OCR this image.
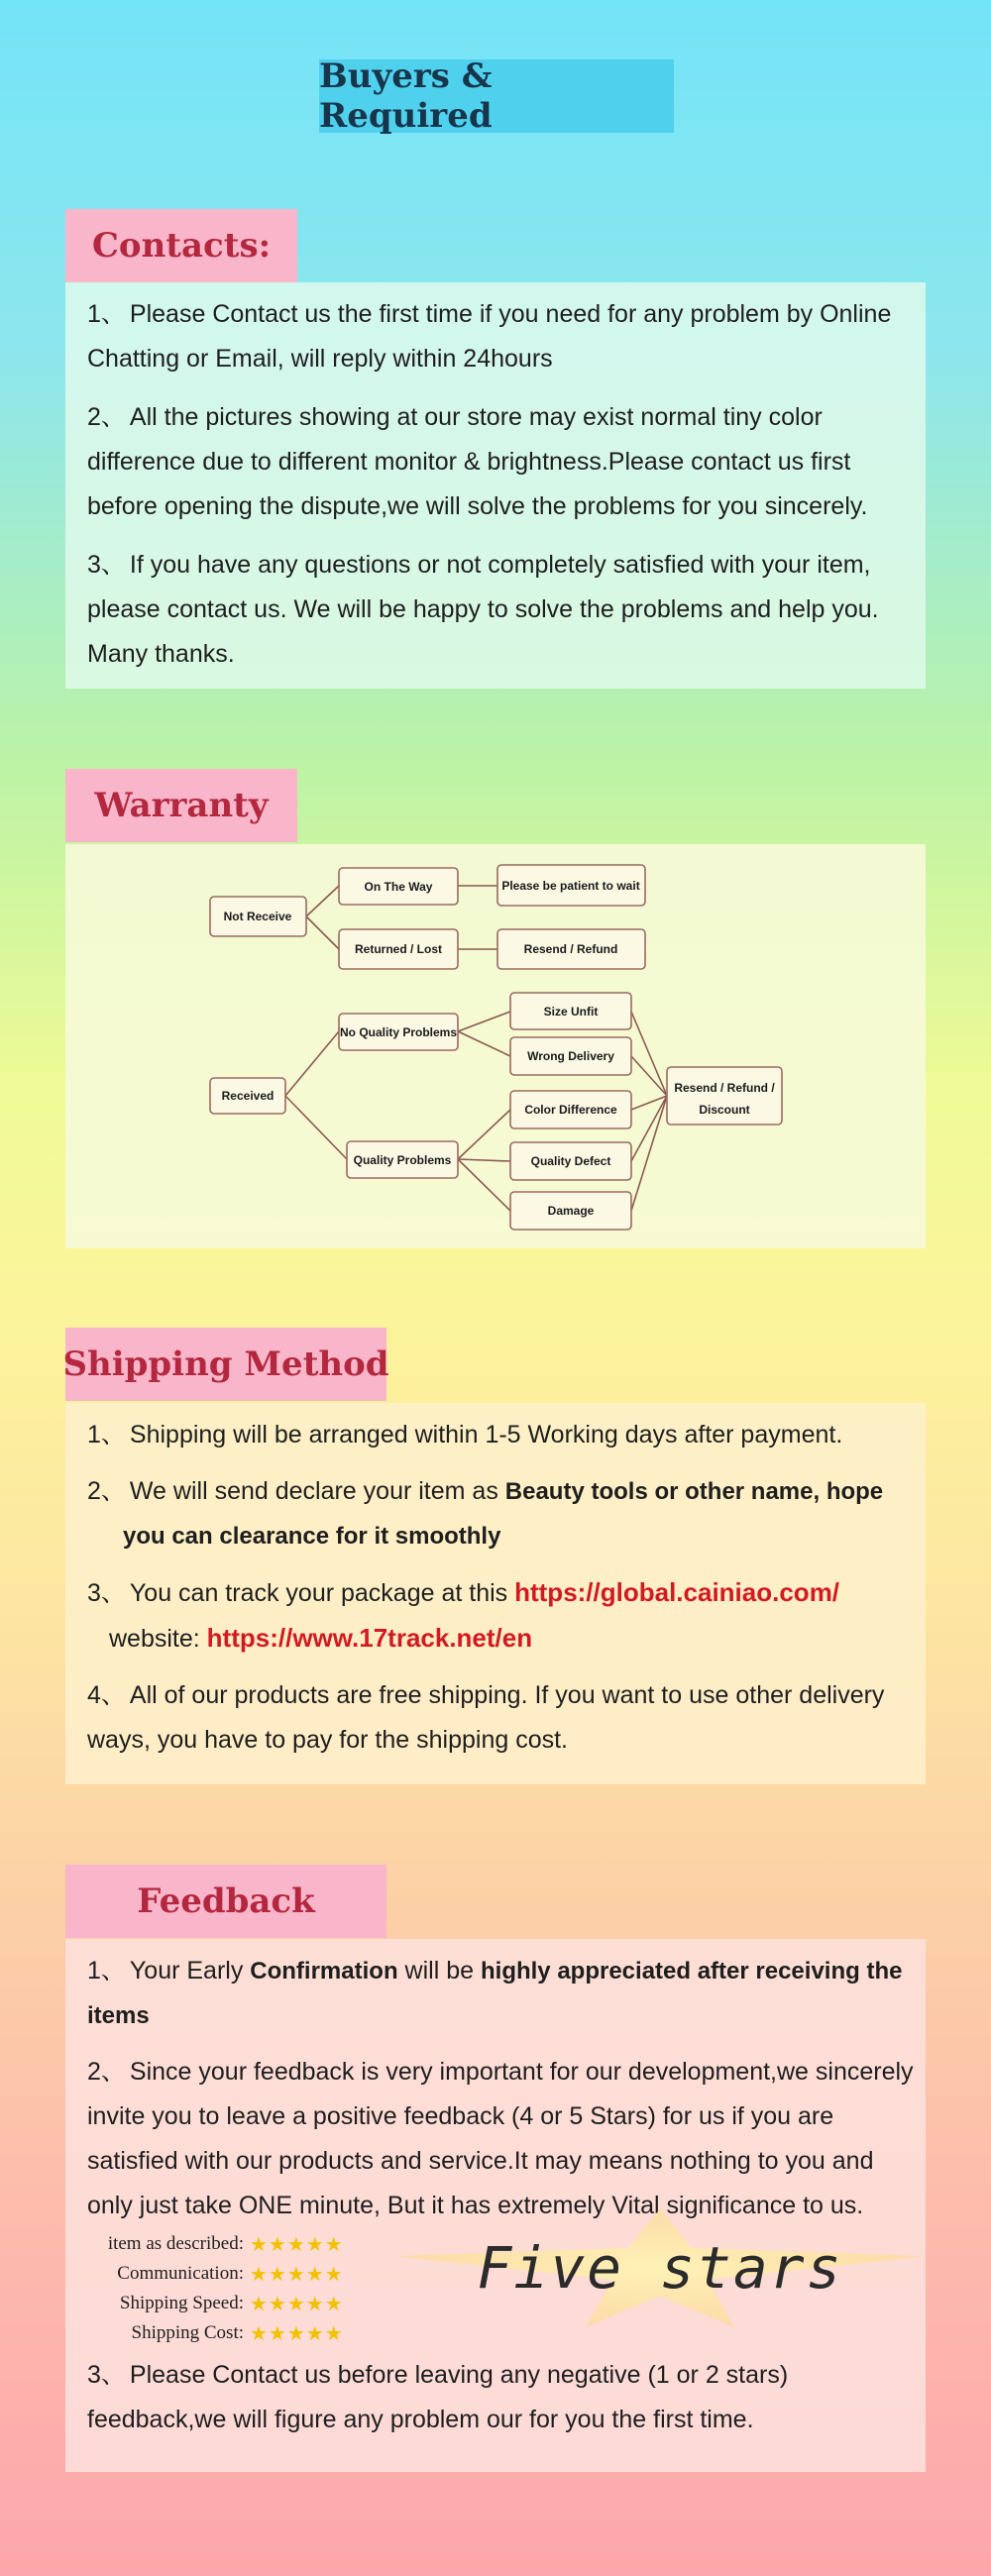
Buyers & Required
Contacts:

1、 Please Contact us the first time if you need for any problem by Online Chatting or Email, will reply within 24hours

2、 All the pictures showing at our store may exist normal tiny color difference due to different monitor & brightness.Please contact us first before opening the dispute,we will solve the problems for you sincerely.

3、 If you have any questions or not completely satisfied with your item, please contact us. We will be happy to solve the problems and help you. Many thanks.

Warranty
Not Receive
On The Way	Please be patient to wait
Returned / Lost	Resend / Refund
Received
No Quality Problems
Quality Problems
Size Unfit
Wrong Delivery
Color Difference
Quality Defect
Damage
Resend / Refund /
Discount
Shipping Method

1、 Shipping will be arranged within 1-5 Working days after payment.

2、 We will send declare your item as Beauty tools or other name, hope
you can clearance for it smoothly

3、 You can track your package at this https://global.cainiao.com/
website: https://www.17track.net/en

4、 All of our products are free shipping. If you want to use other delivery ways, you have to pay for the shipping cost.

Feedback

1、 Your Early Confirmation will be highly appreciated after receiving the items

2、 Since your feedback is very important for our development,we sincerely invite you to leave a positive feedback (4 or 5 Stars) for us if you are satisfied with our products and service.It may means nothing to you and only just take ONE minute, But it has extremely Vital significance to us.

item as described: ★★★★★
Communication: ★★★★★
Shipping Speed: ★★★★★
Shipping Cost: ★★★★★
Five stars

3、 Please Contact us before leaving any negative (1 or 2 stars) feedback,we will figure any problem our for you the first time.
